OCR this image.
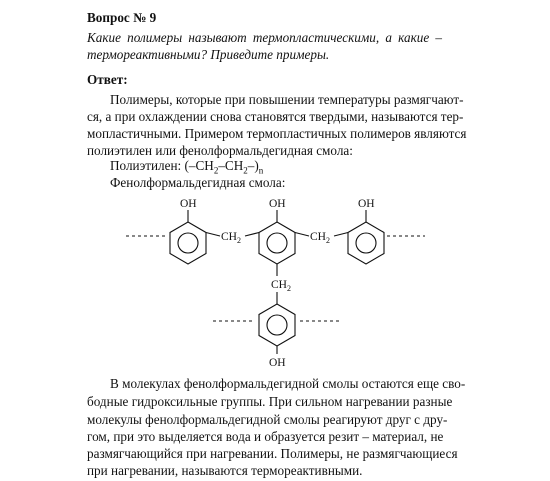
Вопрос № 9
Какие полимеры называют термопластическими, а какие –
термореактивными? Приведите примеры.
Ответ:
Полимеры, которые при повышении температуры размягчают-
ся, а при охлаждении снова становятся твердыми, называются тер-
мопластичными. Примером термопластичных полимеров являются
полиэтилен или фенолформальдегидная смола:
Полиэтилен: $(-CH_2-CH_2-)_n$
Фенолформальдегидная смола:
OH	OH	OH
OH
CH 2	CH 2
CH 2
В молекулах фенолформальдегидной смолы остаются еще сво-
бодные гидроксильные группы. При сильном нагревании разные
молекулы фенолформальдегидной смолы реагируют друг с дру-
гом, при это выделяется вода и образуется резит – материал, не
размягчающийся при нагревании. Полимеры, не размягчающиеся
при нагревании, называются термореактивными.
